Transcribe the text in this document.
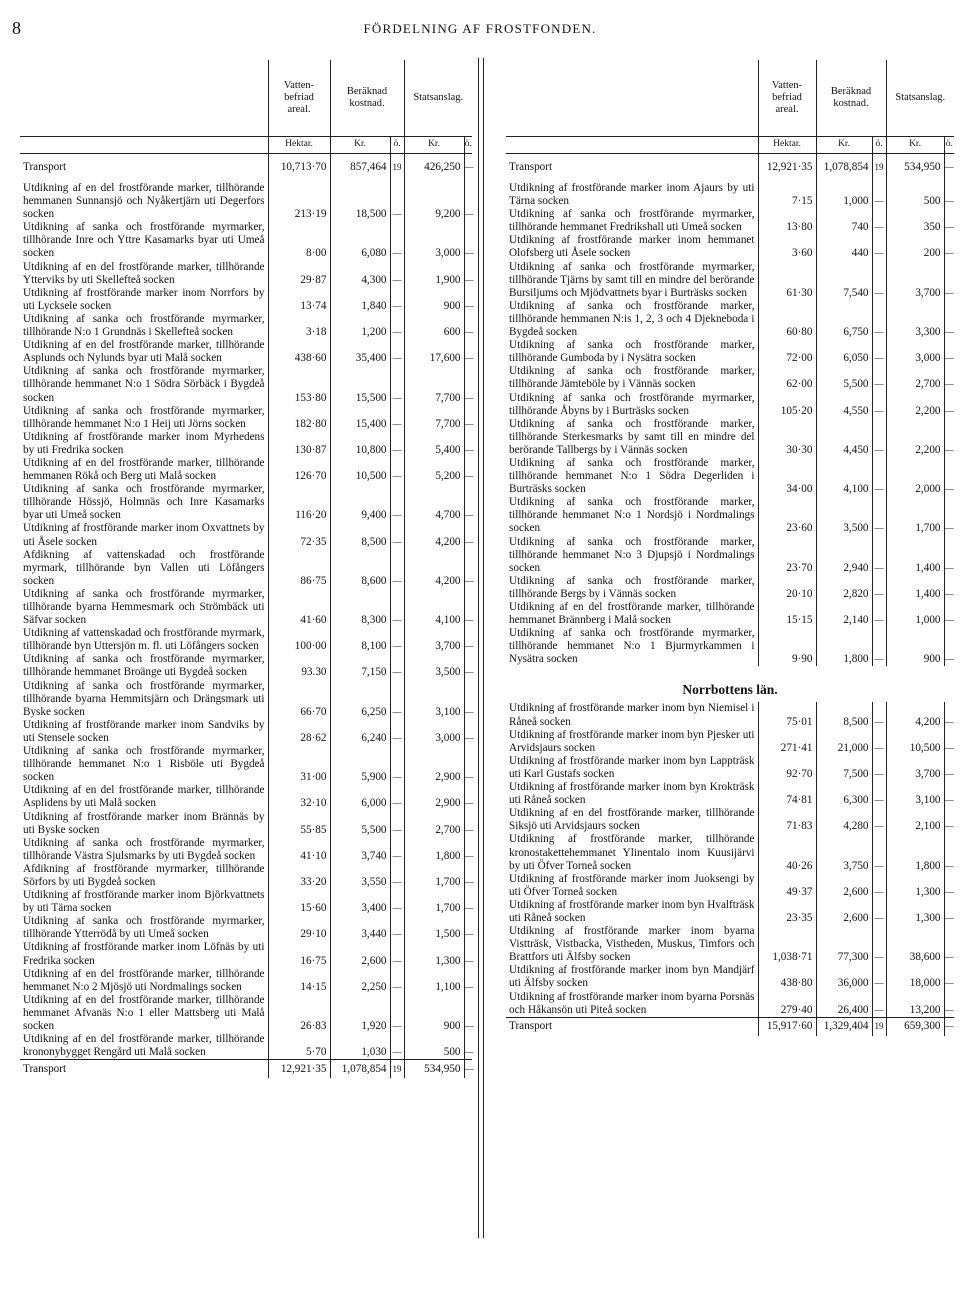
8	FÖRDELNING AF FROSTFONDEN.
	Vatten-befriad areal.	Beräknad kostnad.		Statsanslag.	
	Hektar.	Kr.	ö.	Kr.	ö.
Transport	10,713·70	857,464	19	426,250	—
Utdikning af en del frostförande marker, tillhörande hemmanen Sunnansjö och Nyåkertjärn uti Degerfors socken	213·19	18,500	—	9,200	—
Utdikning af sanka och frostförande myrmarker, tillhörande Inre och Yttre Kasamarks byar uti Umeå socken	8·00	6,080	—	3,000	—
Utdikning af en del frostförande marker, tillhörande Ytterviks by uti Skellefteå socken	29·87	4,300	—	1,900	—
Utdikning af frostförande marker inom Norrfors by uti Lycksele socken	13·74	1,840	—	900	—
Utdikning af sanka och frostförande myrmarker, tillhörande N:o 1 Grundnäs i Skellefteå socken	3·18	1,200	—	600	—
Utdikning af en del frostförande marker, tillhörande Asplunds och Nylunds byar uti Malå socken	438·60	35,400	—	17,600	—
Utdikning af sanka och frostförande myrmarker, tillhörande hemmanet N:o 1 Södra Sörbäck i Bygdeå socken	153·80	15,500	—	7,700	—
Utdikning af sanka och frostförande myrmarker, tillhörande hemmanet N:o 1 Heij uti Jörns socken	182·80	15,400	—	7,700	—
Utdikning af frostförande marker inom Myrhedens by uti Fredrika socken	130·87	10,800	—	5,400	—
Utdikning af en del frostförande marker, tillhörande hemmanen Rökå och Berg uti Malå socken	126·70	10,500	—	5,200	—
Utdikning af sanka och frostförande myrmarker, tillhörande Hössjö, Holmnäs och Inre Kasamarks byar uti Umeå socken	116·20	9,400	—	4,700	—
Utdikning af frostförande marker inom Oxvattnets by uti Åsele socken	72·35	8,500	—	4,200	—
Afdikning af vattenskadad och frostförande myrmark, tillhörande byn Vallen uti Löfångers socken	86·75	8,600	—	4,200	—
Utdikning af sanka och frostförande myrmarker, tillhörande byarna Hemmesmark och Strömbäck uti Säfvar socken	41·60	8,300	—	4,100	—
Utdikning af vattenskadad och frostförande myrmark, tillhörande byn Uttersjön m. fl. uti Löfångers socken	100·00	8,100	—	3,700	—
Utdikning af sanka och frostförande myrmarker, tillhörande hemmanet Broänge uti Bygdeå socken	93.30	7,150	—	3,500	—
Utdikning af sanka och frostförande myrmarker, tillhörande byarna Hemmitsjärn och Drängsmark uti Byske socken	66·70	6,250	—	3,100	—
Utdikning af frostförande marker inom Sandviks by uti Stensele socken	28·62	6,240	—	3,000	—
Utdikning af sanka och frostförande myrmarker, tillhörande hemmanet N:o 1 Risböle uti Bygdeå socken	31·00	5,900	—	2,900	—
Utdikning af en del frostförande marker, tillhörande Asplidens by uti Malå socken	32·10	6,000	—	2,900	—
Utdikning af frostförande marker inom Brännäs by uti Byske socken	55·85	5,500	—	2,700	—
Utdikning af sanka och frostförande myrmarker, tillhörande Västra Sjulsmarks by uti Bygdeå socken	41·10	3,740	—	1,800	—
Afdikning af frostförande myrmarker, tillhörande Sörfors by uti Bygdeå socken	33·20	3,550	—	1,700	—
Utdikning af frostförande marker inom Björkvattnets by uti Tärna socken	15·60	3,400	—	1,700	—
Utdikning af sanka och frostförande myrmarker, tillhörande Ytterrödå by uti Umeå socken	29·10	3,440	—	1,500	—
Utdikning af frostförande marker inom Löfnäs by uti Fredrika socken	16·75	2,600	—	1,300	—
Utdikning af en del frostförande marker, tillhörande hemmanet N:o 2 Mjösjö uti Nordmalings socken	14·15	2,250	—	1,100	—
Utdikning af en del frostförande marker, tillhörande hemmanet Afvanäs N:o 1 eller Mattsberg uti Malå socken	26·83	1,920	—	900	—
Utdikning af en del frostförande marker, tillhörande krononybygget Rengård uti Malå socken	5·70	1,030	—	500	—
Transport	12,921·35	1,078,854	19	534,950	—
	Vatten-befriad areal.	Beräknad kostnad.		Statsanslag.	
	Hektar.	Kr.	ö.	Kr.	ö.
Transport	12,921·35	1,078,854	19	534,950	—
Utdikning af frostförande marker inom Ajaurs by uti Tärna socken	7·15	1,000	—	500	—
Utdikning af sanka och frostförande myrmarker, tillhörande hemmanet Fredrikshall uti Umeå socken	13·80	740	—	350	—
Utdikning af frostförande marker inom hemmanet Olofsberg uti Åsele socken	3·60	440	—	200	—
Utdikning af sanka och frostförande myrmarker, tillhörande Tjärns by samt till en mindre del berörande Bursiljums och Mjödvattnets byar i Burträsks socken	61·30	7,540	—	3,700	—
Utdikning af sanka och frostförande marker, tillhörande hemmanen N:is 1, 2, 3 och 4 Djekneboda i Bygdeå socken	60·80	6,750	—	3,300	—
Utdikning af sanka och frostförande marker, tillhörande Gumboda by i Nysätra socken	72·00	6,050	—	3,000	—
Utdikning af sanka och frostförande marker, tillhörande Jämteböle by i Vännäs socken	62·00	5,500	—	2,700	—
Utdikning af sanka och frostförande myrmarker, tillhörande Åbyns by i Burträsks socken	105·20	4,550	—	2,200	—
Utdikning af sanka och frostförande marker, tillhörande Sterkesmarks by samt till en mindre del berörande Tallbergs by i Vännäs socken	30·30	4,450	—	2,200	—
Utdikning af sanka och frostförande marker, tillhörande hemmanet N:o 1 Södra Degerliden i Burträsks socken	34·00	4,100	—	2,000	—
Utdikning af sanka och frostförande marker, tillhörande hemmanet N:o 1 Nordsjö i Nordmalings socken	23·60	3,500	—	1,700	—
Utdikning af sanka och frostförande marker, tillhörande hemmanet N:o 3 Djupsjö i Nordmalings socken	23·70	2,940	—	1,400	—
Utdikning af sanka och frostförande marker, tillhörande Bergs by i Vännäs socken	20·10	2,820	—	1,400	—
Utdikning af en del frostförande marker, tillhörande hemmanet Brännberg i Malå socken	15·15	2,140	—	1,000	—
Utdikning af sanka och frostförande myrmarker, tillhörande hemmanet N:o 1 Bjurmyrkammen i Nysätra socken	9·90	1,800	—	900	—
Norrbottens län.					
Utdikning af frostförande marker inom byn Niemisel i Råneå socken	75·01	8,500	—	4,200	—
Utdikning af frostförande marker inom byn Pjesker uti Arvidsjaurs socken	271·41	21,000	—	10,500	—
Utdikning af frostförande marker inom byn Lappträsk uti Karl Gustafs socken	92·70	7,500	—	3,700	—
Utdikning af frostförande marker inom byn Krokträsk uti Råneå socken	74·81	6,300	—	3,100	—
Utdikning af en del frostförande marker, tillhörande Siksjö uti Arvidsjaurs socken	71·83	4,280	—	2,100	—
Utdikning af frostförande marker, tillhörande kronostakettehemmanet Ylinentalo inom Kuusijärvi by uti Öfver Torneå socken	40·26	3,750	—	1,800	—
Utdikning af frostförande marker inom Juoksengi by uti Öfver Torneå socken	49·37	2,600	—	1,300	—
Utdikning af frostförande marker inom byn Hvalfträsk uti Råneå socken	23·35	2,600	—	1,300	—
Utdikning af frostförande marker inom byarna Vistträsk, Vistbacka, Vistheden, Muskus, Timfors och Brattfors uti Älfsby socken	1,038·71	77,300	—	38,600	—
Utdikning af frostförande marker inom byn Mandjärf uti Älfsby socken	438·80	36,000	—	18,000	—
Utdikning af frostförande marker inom byarna Porsnäs och Håkansön uti Piteå socken	279·40	26,400	—	13,200	—
Transport	15,917·60	1,329,404	19	659,300	—
